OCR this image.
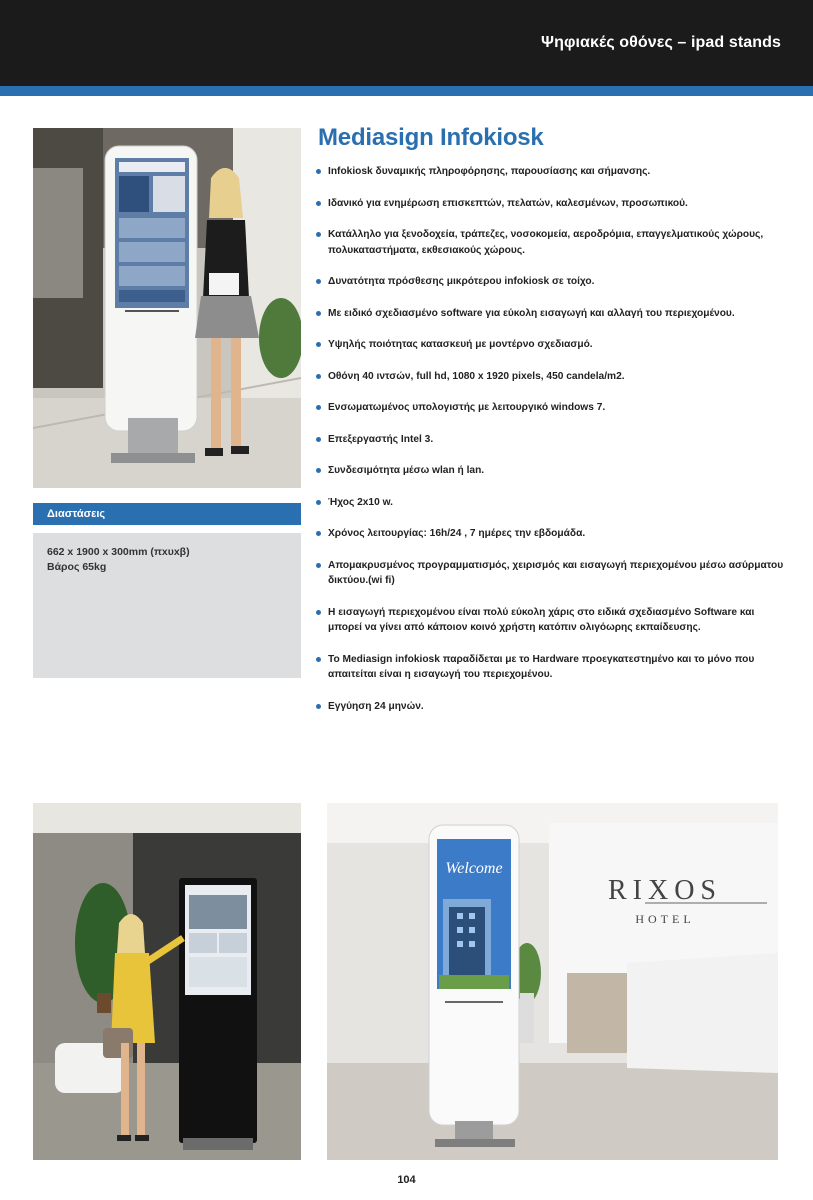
Ψηφιακές οθόνες – ipad stands
Διαστάσεις
662 x 1900 x 300mm (πxυxβ)
Βάρος 65kg
Mediasign Infokiosk
Infokiosk δυναμικής πληροφόρησης, παρουσίασης και σήμανσης.
Ιδανικό για ενημέρωση επισκεπτών, πελατών, καλεσμένων, προσωπικού.
Κατάλληλο για ξενοδοχεία, τράπεζες, νοσοκομεία, αεροδρόμια, επαγγελματικούς χώρους, πολυκαταστήματα, εκθεσιακούς χώρους.
Δυνατότητα πρόσθεσης μικρότερου infokiosk σε τοίχο.
Με ειδικό σχεδιασμένο software για εύκολη εισαγωγή και αλλαγή του περιεχομένου.
Υψηλής ποιότητας κατασκευή με μοντέρνο σχεδιασμό.
Οθόνη 40 ιντσών, full hd, 1080 x 1920 pixels, 450 candela/m2.
Ενσωματωμένος υπολογιστής με λειτουργικό windows 7.
Επεξεργαστής Intel 3.
Συνδεσιμότητα μέσω wlan ή lan.
Ήχος 2x10 w.
Χρόνος λειτουργίας: 16h/24 , 7 ημέρες την εβδομάδα.
Απομακρυσμένος προγραμματισμός, χειρισμός και εισαγωγή περιεχομένου μέσω ασύρματου δικτύου.(wi fi)
Η εισαγωγή περιεχομένου είναι πολύ εύκολη χάρις στο ειδικά σχεδιασμένο Software και μπορεί να γίνει από κάποιον κοινό χρήστη κατόπιν ολιγόωρης εκπαίδευσης.
Το Mediasign infokiosk παραδίδεται με το Hardware προεγκατεστημένο και το μόνο που απαιτείται είναι η εισαγωγή του περιεχομένου.
Εγγύηση 24 μηνών.
RIXOS
HOTEL
Welcome
104
